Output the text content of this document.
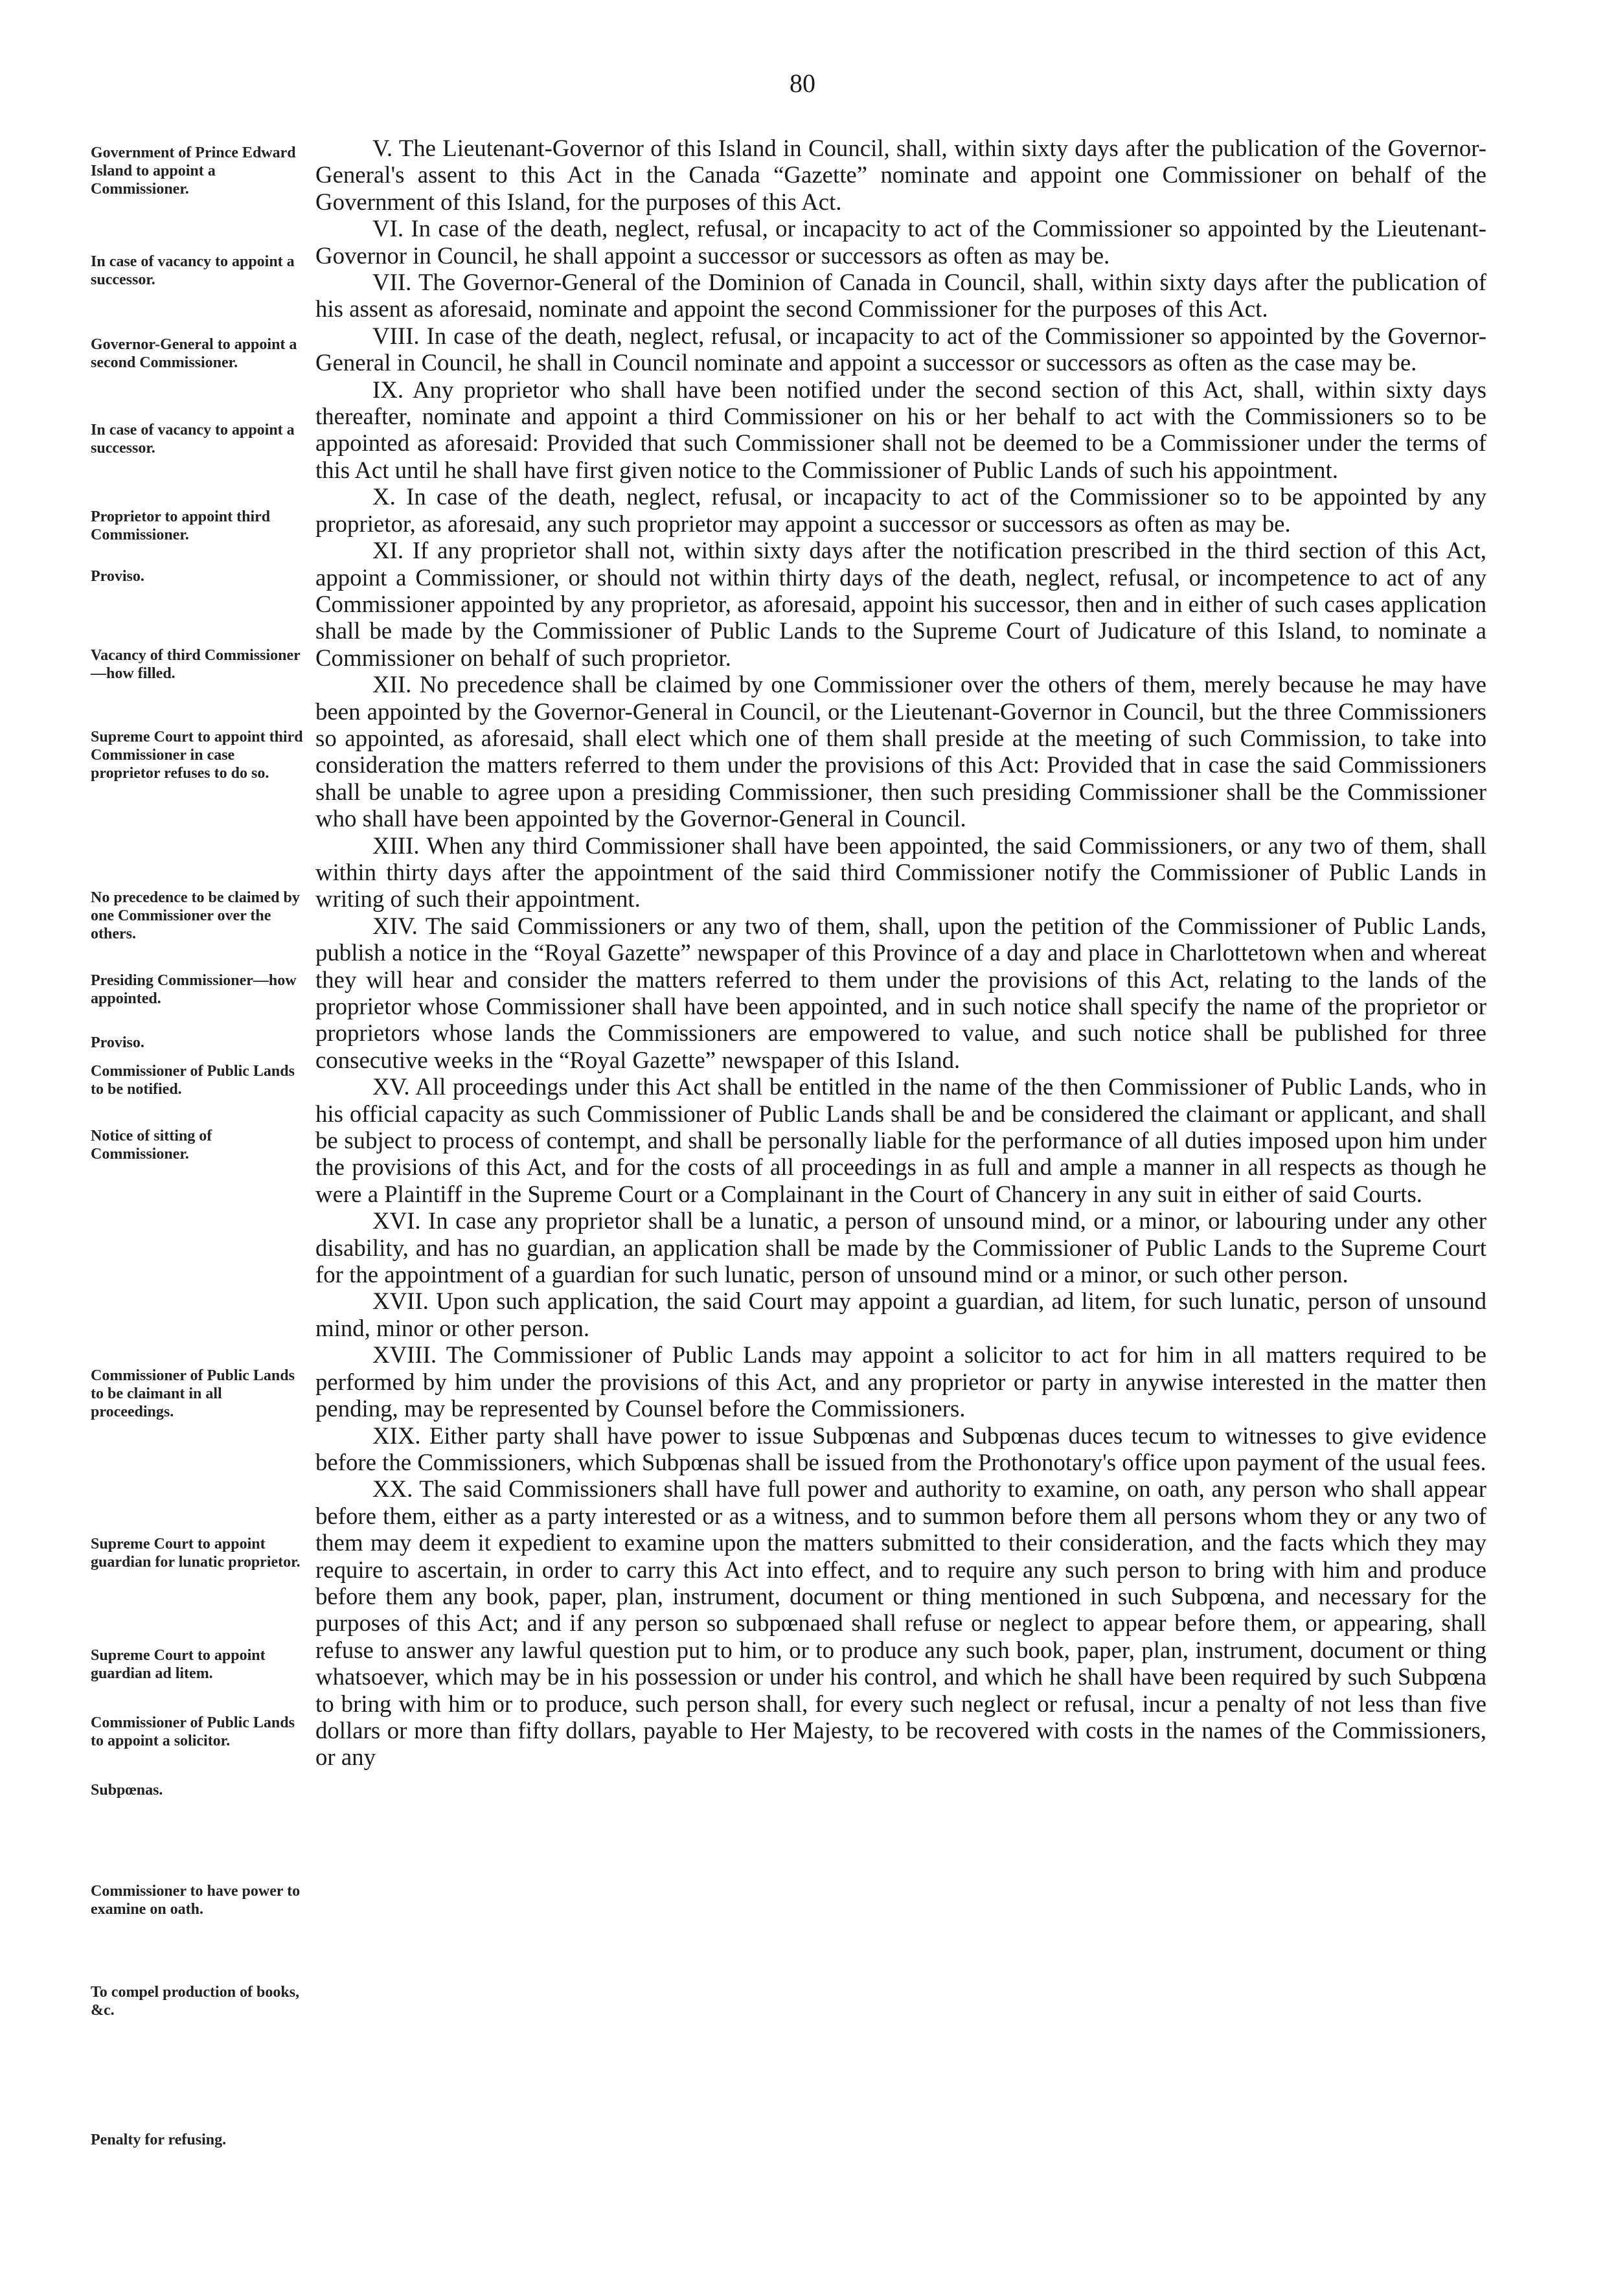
80
Government of Prince Edward Island to appoint a Commissioner.
In case of vacancy to appoint a successor.
Governor-General to appoint a second Commissioner.
In case of vacancy to appoint a successor.
Proprietor to appoint third Commissioner.
Proviso.
Vacancy of third Commissioner—how filled.
Supreme Court to appoint third Commissioner in case proprietor refuses to do so.
No precedence to be claimed by one Commissioner over the others.
Presiding Commissioner—how appointed.
Proviso.
Commissioner of Public Lands to be notified.
Notice of sitting of Commissioner.
Commissioner of Public Lands to be claimant in all proceedings.
Supreme Court to appoint guardian for lunatic proprietor.
Supreme Court to appoint guardian ad litem.
Commissioner of Public Lands to appoint a solicitor.
Subpœnas.
Commissioner to have power to examine on oath.
To compel production of books, &c.
Penalty for refusing.

V. The Lieutenant-Governor of this Island in Council, shall, within sixty days after the publication of the Governor-General's assent to this Act in the Canada “Gazette” nominate and appoint one Commissioner on behalf of the Government of this Island, for the purposes of this Act.

VI. In case of the death, neglect, refusal, or incapacity to act of the Commissioner so appointed by the Lieutenant-Governor in Council, he shall appoint a successor or successors as often as may be.

VII. The Governor-General of the Dominion of Canada in Council, shall, within sixty days after the publication of his assent as aforesaid, nominate and appoint the second Commissioner for the purposes of this Act.

VIII. In case of the death, neglect, refusal, or incapacity to act of the Commissioner so appointed by the Governor-General in Council, he shall in Council nominate and appoint a successor or successors as often as the case may be.

IX. Any proprietor who shall have been notified under the second section of this Act, shall, within sixty days thereafter, nominate and appoint a third Commissioner on his or her behalf to act with the Commissioners so to be appointed as aforesaid: Provided that such Commissioner shall not be deemed to be a Commissioner under the terms of this Act until he shall have first given notice to the Commissioner of Public Lands of such his appointment.

X. In case of the death, neglect, refusal, or incapacity to act of the Commissioner so to be appointed by any proprietor, as aforesaid, any such proprietor may appoint a successor or successors as often as may be.

XI. If any proprietor shall not, within sixty days after the notification prescribed in the third section of this Act, appoint a Commissioner, or should not within thirty days of the death, neglect, refusal, or incompetence to act of any Commissioner appointed by any proprietor, as aforesaid, appoint his successor, then and in either of such cases application shall be made by the Commissioner of Public Lands to the Supreme Court of Judicature of this Island, to nominate a Commissioner on behalf of such proprietor.

XII. No precedence shall be claimed by one Commissioner over the others of them, merely because he may have been appointed by the Governor-General in Council, or the Lieutenant-Governor in Council, but the three Commissioners so appointed, as aforesaid, shall elect which one of them shall preside at the meeting of such Commission, to take into consideration the matters referred to them under the provisions of this Act: Provided that in case the said Commissioners shall be unable to agree upon a presiding Commissioner, then such presiding Commissioner shall be the Commissioner who shall have been appointed by the Governor-General in Council.

XIII. When any third Commissioner shall have been appointed, the said Commissioners, or any two of them, shall within thirty days after the appointment of the said third Commissioner notify the Commissioner of Public Lands in writing of such their appointment.

XIV. The said Commissioners or any two of them, shall, upon the petition of the Commissioner of Public Lands, publish a notice in the “Royal Gazette” newspaper of this Province of a day and place in Charlottetown when and whereat they will hear and consider the matters referred to them under the provisions of this Act, relating to the lands of the proprietor whose Commissioner shall have been appointed, and in such notice shall specify the name of the proprietor or proprietors whose lands the Commissioners are empowered to value, and such notice shall be published for three consecutive weeks in the “Royal Gazette” newspaper of this Island.

XV. All proceedings under this Act shall be entitled in the name of the then Commissioner of Public Lands, who in his official capacity as such Commissioner of Public Lands shall be and be considered the claimant or applicant, and shall be subject to process of contempt, and shall be personally liable for the performance of all duties imposed upon him under the provisions of this Act, and for the costs of all proceedings in as full and ample a manner in all respects as though he were a Plaintiff in the Supreme Court or a Complainant in the Court of Chancery in any suit in either of said Courts.

XVI. In case any proprietor shall be a lunatic, a person of unsound mind, or a minor, or labouring under any other disability, and has no guardian, an application shall be made by the Commissioner of Public Lands to the Supreme Court for the appointment of a guardian for such lunatic, person of unsound mind or a minor, or such other person.

XVII. Upon such application, the said Court may appoint a guardian, ad litem, for such lunatic, person of unsound mind, minor or other person.

XVIII. The Commissioner of Public Lands may appoint a solicitor to act for him in all matters required to be performed by him under the provisions of this Act, and any proprietor or party in anywise interested in the matter then pending, may be represented by Counsel before the Commissioners.

XIX. Either party shall have power to issue Subpœnas and Subpœnas duces tecum to witnesses to give evidence before the Commissioners, which Subpœnas shall be issued from the Prothonotary's office upon payment of the usual fees.

XX. The said Commissioners shall have full power and authority to examine, on oath, any person who shall appear before them, either as a party interested or as a witness, and to summon before them all persons whom they or any two of them may deem it expedient to examine upon the matters submitted to their consideration, and the facts which they may require to ascertain, in order to carry this Act into effect, and to require any such person to bring with him and produce before them any book, paper, plan, instrument, document or thing mentioned in such Subpœna, and necessary for the purposes of this Act; and if any person so subpœnaed shall refuse or neglect to appear before them, or appearing, shall refuse to answer any lawful question put to him, or to produce any such book, paper, plan, instrument, document or thing whatsoever, which may be in his possession or under his control, and which he shall have been required by such Subpœna to bring with him or to produce, such person shall, for every such neglect or refusal, incur a penalty of not less than five dollars or more than fifty dollars, payable to Her Majesty, to be recovered with costs in the names of the Commissioners, or any
